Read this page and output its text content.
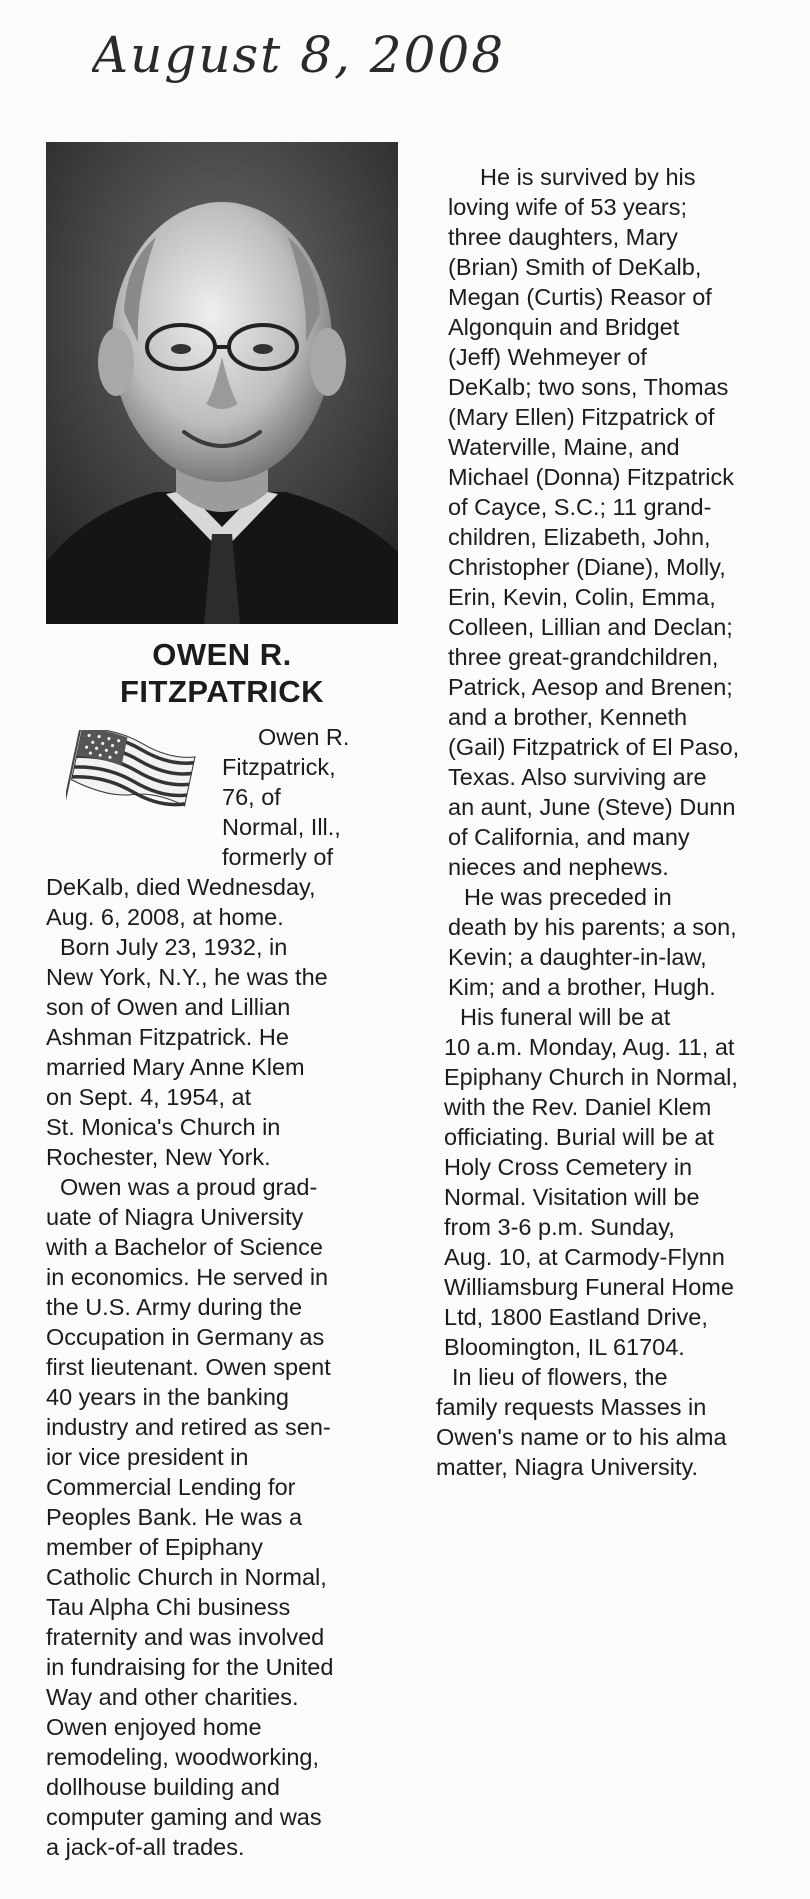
August 8, 2008
OWEN R.
FITZPATRICK
Owen R.
Fitzpatrick,
76, of
Normal, Ill.,
formerly of
DeKalb, died Wednesday,
Aug. 6, 2008, at home.
Born July 23, 1932, in
New York, N.Y., he was the
son of Owen and Lillian
Ashman Fitzpatrick. He
married Mary Anne Klem
on Sept. 4, 1954, at
St. Monica's Church in
Rochester, New York.
Owen was a proud grad-
uate of Niagra University
with a Bachelor of Science
in economics. He served in
the U.S. Army during the
Occupation in Germany as
first lieutenant. Owen spent
40 years in the banking
industry and retired as sen-
ior vice president in
Commercial Lending for
Peoples Bank. He was a
member of Epiphany
Catholic Church in Normal,
Tau Alpha Chi business
fraternity and was involved
in fundraising for the United
Way and other charities.
Owen enjoyed home
remodeling, woodworking,
dollhouse building and
computer gaming and was
a jack-of-all trades.
He is survived by his
loving wife of 53 years;
three daughters, Mary
(Brian) Smith of DeKalb,
Megan (Curtis) Reasor of
Algonquin and Bridget
(Jeff) Wehmeyer of
DeKalb; two sons, Thomas
(Mary Ellen) Fitzpatrick of
Waterville, Maine, and
Michael (Donna) Fitzpatrick
of Cayce, S.C.; 11 grand-
children, Elizabeth, John,
Christopher (Diane), Molly,
Erin, Kevin, Colin, Emma,
Colleen, Lillian and Declan;
three great-grandchildren,
Patrick, Aesop and Brenen;
and a brother, Kenneth
(Gail) Fitzpatrick of El Paso,
Texas. Also surviving are
an aunt, June (Steve) Dunn
of California, and many
nieces and nephews.
He was preceded in
death by his parents; a son,
Kevin; a daughter-in-law,
Kim; and a brother, Hugh.
His funeral will be at
10 a.m. Monday, Aug. 11, at
Epiphany Church in Normal,
with the Rev. Daniel Klem
officiating. Burial will be at
Holy Cross Cemetery in
Normal. Visitation will be
from 3-6 p.m. Sunday,
Aug. 10, at Carmody-Flynn
Williamsburg Funeral Home
Ltd, 1800 Eastland Drive,
Bloomington, IL 61704.
In lieu of flowers, the
family requests Masses in
Owen's name or to his alma
matter, Niagra University.
